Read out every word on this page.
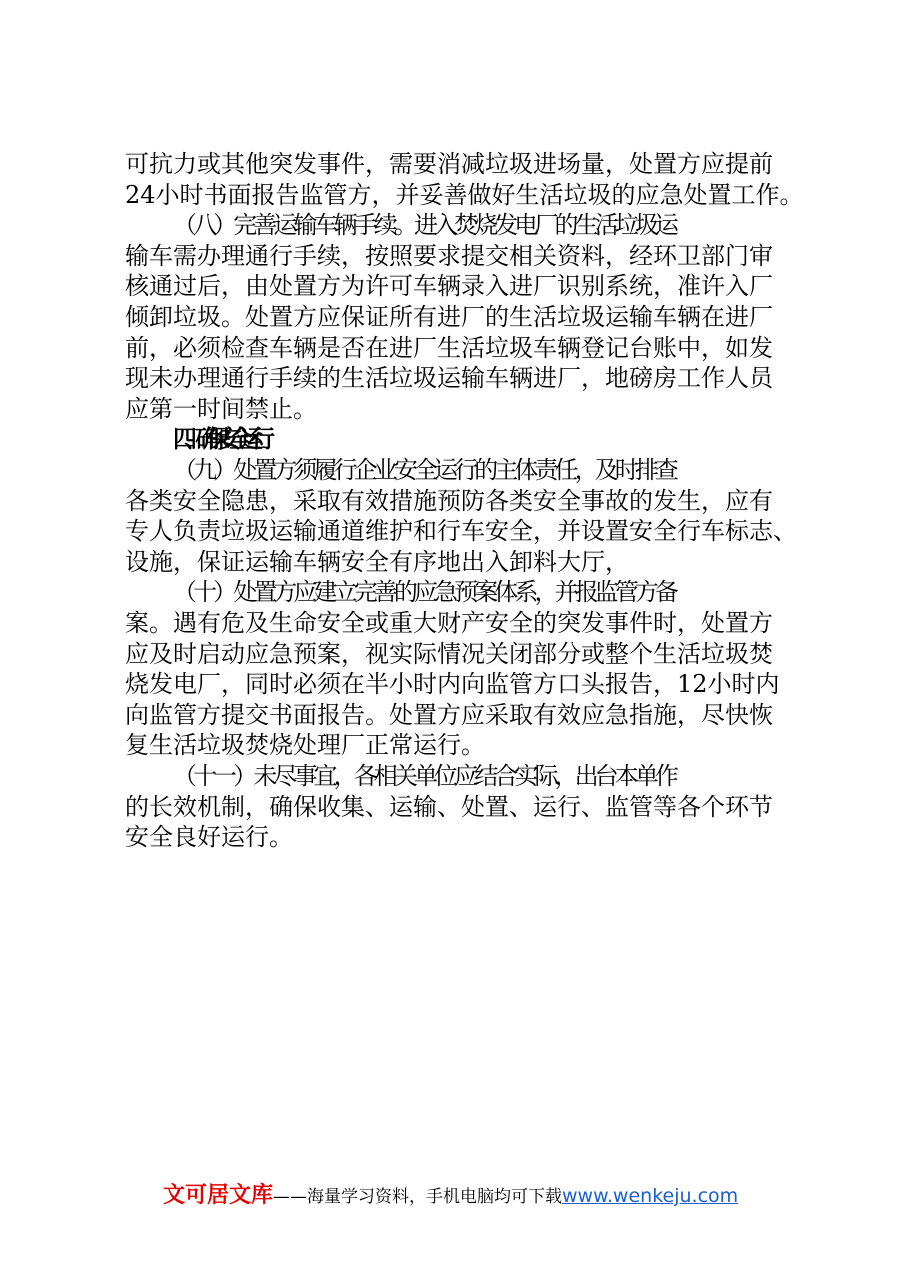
可抗力或其他突发事件，需要消减垃圾进场量，处置方应提前
24小时书面报告监管方，并妥善做好生活垃圾的应急处置工作。
（八）完善运输车辆手续。进入焚烧发电厂的生活垃圾运
输车需办理通行手续，按照要求提交相关资料，经环卫部门审
核通过后，由处置方为许可车辆录入进厂识别系统，准许入厂
倾卸垃圾。处置方应保证所有进厂的生活垃圾运输车辆在进厂
前，必须检查车辆是否在进厂生活垃圾车辆登记台账中，如发
现未办理通行手续的生活垃圾运输车辆进厂，地磅房工作人员
应第一时间禁止。
四、确保安全运行
（九）处置方须履行企业安全运行的主体责任，及时排查
各类安全隐患，采取有效措施预防各类安全事故的发生，应有
专人负责垃圾运输通道维护和行车安全，并设置安全行车标志、
设施，保证运输车辆安全有序地出入卸料大厅，
（十）处置方应建立完善的应急预案体系，并报监管方备
案。遇有危及生命安全或重大财产安全的突发事件时，处置方
应及时启动应急预案，视实际情况关闭部分或整个生活垃圾焚
烧发电厂，同时必须在半小时内向监管方口头报告，12小时内
向监管方提交书面报告。处置方应采取有效应急指施，尽快恢
复生活垃圾焚烧处理厂正常运行。
（十一）未尽事宜，各相关单位应结合实际，出台本单作
的长效机制，确保收集、运输、处置、运行、监管等各个环节
安全良好运行。
文可居文库——海量学习资料，手机电脑均可下载www.wenkeju.com
